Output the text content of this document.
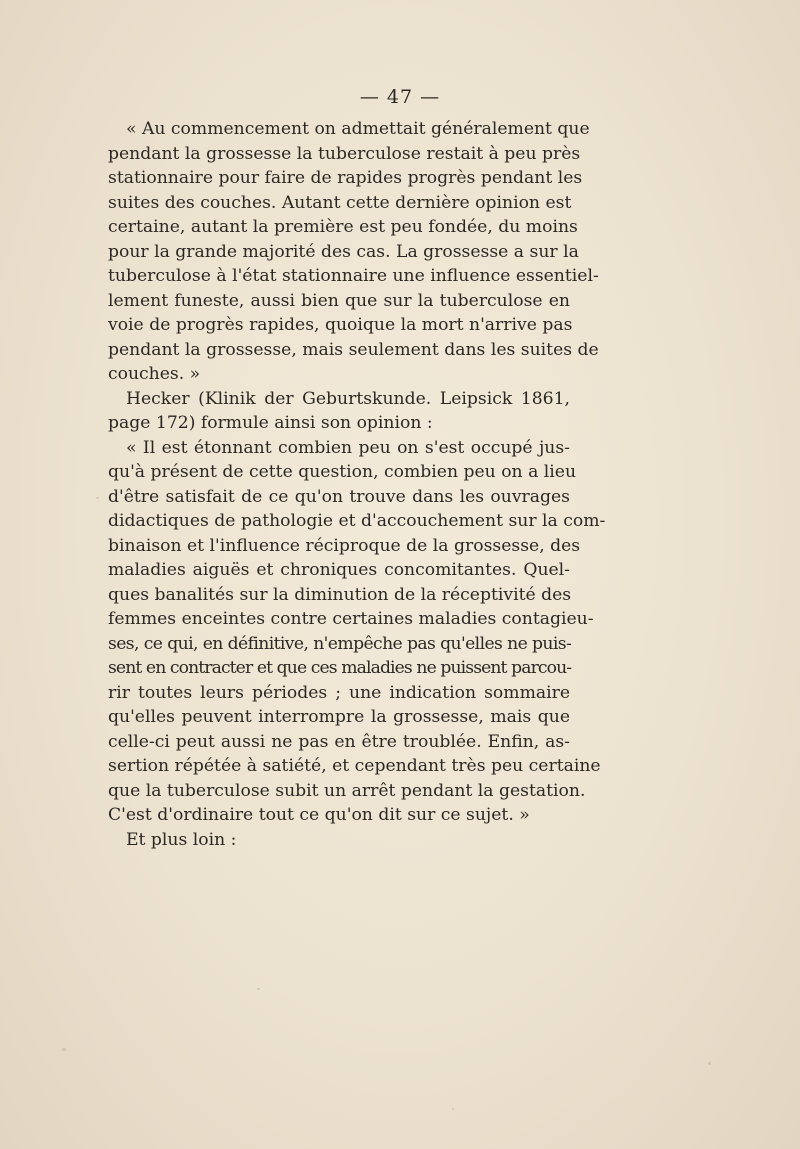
— 47 —
« Au commencement on admettait généralement que
pendant la grossesse la tuberculose restait à peu près
stationnaire pour faire de rapides progrès pendant les
suites des couches. Autant cette dernière opinion est
certaine, autant la première est peu fondée, du moins
pour la grande majorité des cas. La grossesse a sur la
tuberculose à l'état stationnaire une influence essentiel-
lement funeste, aussi bien que sur la tuberculose en
voie de progrès rapides, quoique la mort n'arrive pas
pendant la grossesse, mais seulement dans les suites de
couches. »
Hecker (Klinik der Geburtskunde. Leipsick 1861,
page 172) formule ainsi son opinion :
« Il est étonnant combien peu on s'est occupé jus-
qu'à présent de cette question, combien peu on a lieu
d'être satisfait de ce qu'on trouve dans les ouvrages
didactiques de pathologie et d'accouchement sur la com-
binaison et l'influence réciproque de la grossesse, des
maladies aiguës et chroniques concomitantes. Quel-
ques banalités sur la diminution de la réceptivité des
femmes enceintes contre certaines maladies contagieu-
ses, ce qui, en définitive, n'empêche pas qu'elles ne puis-
sent en contracter et que ces maladies ne puissent parcou-
rir toutes leurs périodes ; une indication sommaire
qu'elles peuvent interrompre la grossesse, mais que
celle-ci peut aussi ne pas en être troublée. Enfin, as-
sertion répétée à satiété, et cependant très peu certaine
que la tuberculose subit un arrêt pendant la gestation.
C'est d'ordinaire tout ce qu'on dit sur ce sujet. »
Et plus loin :
